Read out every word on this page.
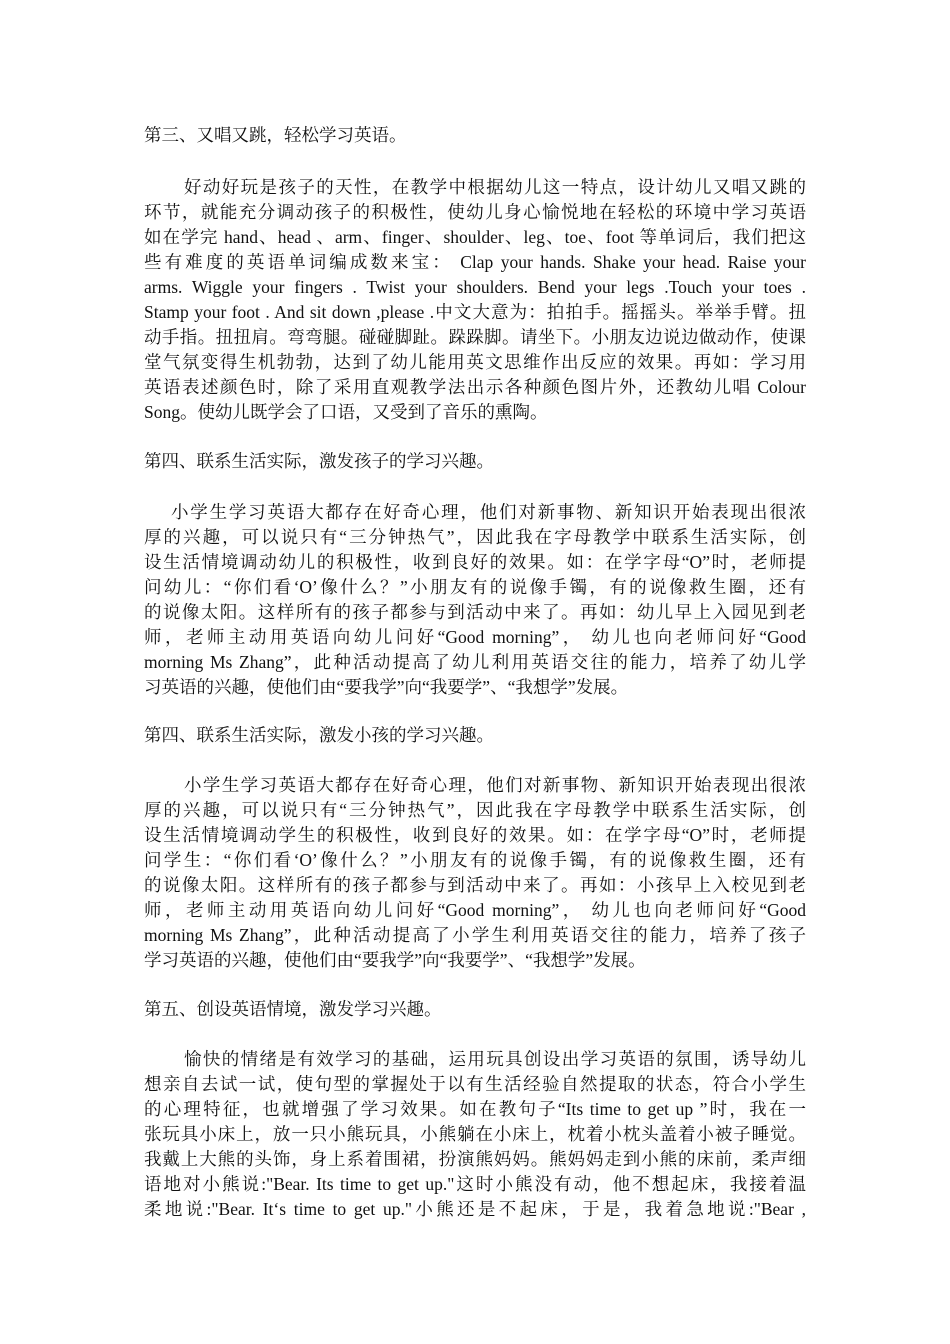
第三、又唱又跳，轻松学习英语。
好动好玩是孩子的天性，在教学中根据幼儿这一特点，设计幼儿又唱又跳的
环节，就能充分调动孩子的积极性，使幼儿身心愉悦地在轻松的环境中学习英语
如在学完 hand、head 、arm、finger、shoulder、leg、toe、foot 等单词后，我们把这
些有难度的英语单词编成数来宝： Clap your hands. Shake your head. Raise your
arms. Wiggle your fingers . Twist your shoulders. Bend your legs .Touch your toes .
Stamp your foot . And sit down ,please .中文大意为：拍拍手。摇摇头。举举手臂。扭
动手指。扭扭肩。弯弯腿。碰碰脚趾。跺跺脚。请坐下。小朋友边说边做动作，使课
堂气氛变得生机勃勃，达到了幼儿能用英文思维作出反应的效果。再如：学习用
英语表述颜色时，除了采用直观教学法出示各种颜色图片外，还教幼儿唱 Colour
Song。使幼儿既学会了口语，又受到了音乐的熏陶。
第四、联系生活实际，激发孩子的学习兴趣。
小学生学习英语大都存在好奇心理，他们对新事物、新知识开始表现出很浓
厚的兴趣，可以说只有“三分钟热气”，因此我在字母教学中联系生活实际，创
设生活情境调动幼儿的积极性，收到良好的效果。如：在学字母“O”时，老师提
问幼儿：“你们看‘O’像什么？”小朋友有的说像手镯，有的说像救生圈，还有
的说像太阳。这样所有的孩子都参与到活动中来了。再如：幼儿早上入园见到老
师，老师主动用英语向幼儿问好“Good morning”， 幼儿也向老师问好“Good
morning Ms Zhang”，此种活动提高了幼儿利用英语交往的能力，培养了幼儿学
习英语的兴趣，使他们由“要我学”向“我要学”、“我想学”发展。
第四、联系生活实际，激发小孩的学习兴趣。
小学生学习英语大都存在好奇心理，他们对新事物、新知识开始表现出很浓
厚的兴趣，可以说只有“三分钟热气”，因此我在字母教学中联系生活实际，创
设生活情境调动学生的积极性，收到良好的效果。如：在学字母“O”时，老师提
问学生：“你们看‘O’像什么？”小朋友有的说像手镯，有的说像救生圈，还有
的说像太阳。这样所有的孩子都参与到活动中来了。再如：小孩早上入校见到老
师，老师主动用英语向幼儿问好“Good morning”， 幼儿也向老师问好“Good
morning Ms Zhang”，此种活动提高了小学生利用英语交往的能力，培养了孩子
学习英语的兴趣，使他们由“要我学”向“我要学”、“我想学”发展。
第五、创设英语情境，激发学习兴趣。
愉快的情绪是有效学习的基础，运用玩具创设出学习英语的氛围，诱导幼儿
想亲自去试一试，使句型的掌握处于以有生活经验自然提取的状态，符合小学生
的心理特征，也就增强了学习效果。如在教句子“Its time to get up ”时，我在一
张玩具小床上，放一只小熊玩具，小熊躺在小床上，枕着小枕头盖着小被子睡觉。
我戴上大熊的头饰，身上系着围裙，扮演熊妈妈。熊妈妈走到小熊的床前，柔声细
语地对小熊说:"Bear. Its time to get up."这时小熊没有动，他不想起床，我接着温
柔地说:"Bear. It‘s time to get up."小熊还是不起床，于是，我着急地说:"Bear ,
